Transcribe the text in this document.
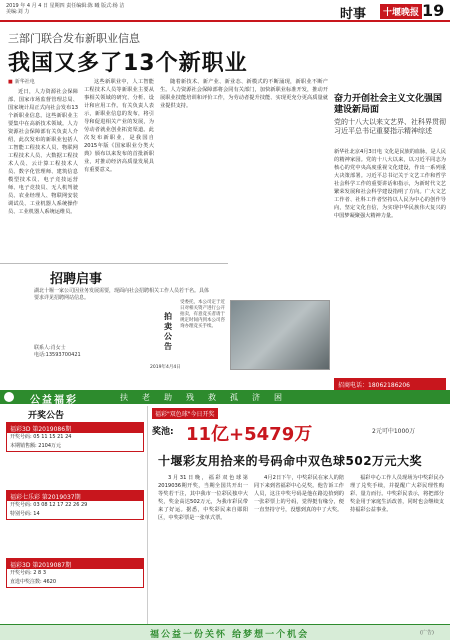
2019 年 4 月 4 日 星期四 责任编辑:陈 曦 版式:杨 洁 美编:刘 力	时事	十堰晚报 19
三部门联合发布新职业信息
我国又多了13个新职业
■ 新华社电

近日，人力资源社会保障部、国家市场监督管理总局、国家统计局正式向社会发布13个新职业信息。这些新职业主要集中在高新技术领域。人力资源社会保障部有关负责人介绍，此次发布的新职业包括人工智能工程技术人员、物联网工程技术人员、大数据工程技术人员、云计算工程技术人员、数字化管理师、建筑信息模型技术员、电子竞技运营师、电子竞技员、无人机驾驶员、农业经理人、物联网安装调试员、工业机器人系统操作员、工业机器人系统运维员。

这些新职业中，人工智能工程技术人员等新职业主要从事相关领域的研究、分析、设计和应用工作。有关负责人表示，新职业信息的发布，将引导和促进相关产业的发展，为劳动者就业创业拓宽渠道。此次发布新职业，是我国自2015年版《国家职业分类大典》颁布以来发布的首批新职业，对推动经济高质量发展具有重要意义。

随着新技术、新产业、新业态、新模式的不断涌现，新职业不断产生。人力资源社会保障部将会同有关部门，加快新职业标准开发，推动开展职业技能培训和评价工作，为劳动者提升技能、实现更充分更高质量就业提供支持。

奋力开创社会主义文化强国建设新局面
党的十八大以来文艺界、社科界贯彻习近平总书记重要指示精神综述
新华社北京4月3日电 文化是民族的血脉，是人民的精神家园。党的十八大以来，以习近平同志为核心的党中央高度重视文化建设，作出一系列重大决策部署。习近平总书记关于文艺工作和哲学社会科学工作的重要讲话和指示，为新时代文艺繁荣发展和社会科学建设指明了方向。广大文艺工作者、社科工作者坚持以人民为中心的创作导向，坚定文化自信，为实现中华民族伟大复兴的中国梦凝聚强大精神力量。
招聘启事
湖北十堰一家公司因业务发展需要，现面向社会招聘相关工作人员若干名。具体要求详见招聘网站信息。
联系人:肖女士
电话:13593700421
拍卖公告
受委托，本公司定于近日对相关资产进行公开拍卖，有意竞买者请于规定时间内到本公司咨询办理竞买手续。
2019年4月4日
招商电话：18062186206
公益福彩	扶老助残救孤济困
开奖公告
福彩3D 第2019086期
开奖号码: 05 11 15 21 24
本期销售额: 2104万元
福彩七乐彩 第2019037期
开奖号码: 03 08 12 17 22 26 29
特别号码: 14
福彩3D 第2019087期
开奖号码: 2 8 3
直选中奖注数: 4620
福彩"双色球"今日开奖
奖池: 11亿+5479万	2元可中1000万
十堰彩友用拾来的号码命中双色球502万元大奖

3月31日晚，福彩双色球第2019036期开奖，当期全国共开出一等奖若干注，其中我市一位彩民独中大奖，奖金高达502万元，为我市彩民带来了好运。据悉，中奖彩民来自郧阳区，中奖彩票是一张单式票。

4月2日下午，中奖彩民在家人的陪同下来到省福彩中心兑奖。他告诉工作人员，这注中奖号码是他在路边拾到的一张彩票上的号码，觉得挺有缘分，便一直坚持守号，没想到真的中了大奖。

福彩中心工作人员现场为中奖彩民办理了兑奖手续，并提醒广大彩民理性购彩、量力而行。中奖彩民表示，将把部分奖金用于家庭生活改善，同时也会继续支持福彩公益事业。

福公益一份关怀 给梦想一个机会	(广告)
